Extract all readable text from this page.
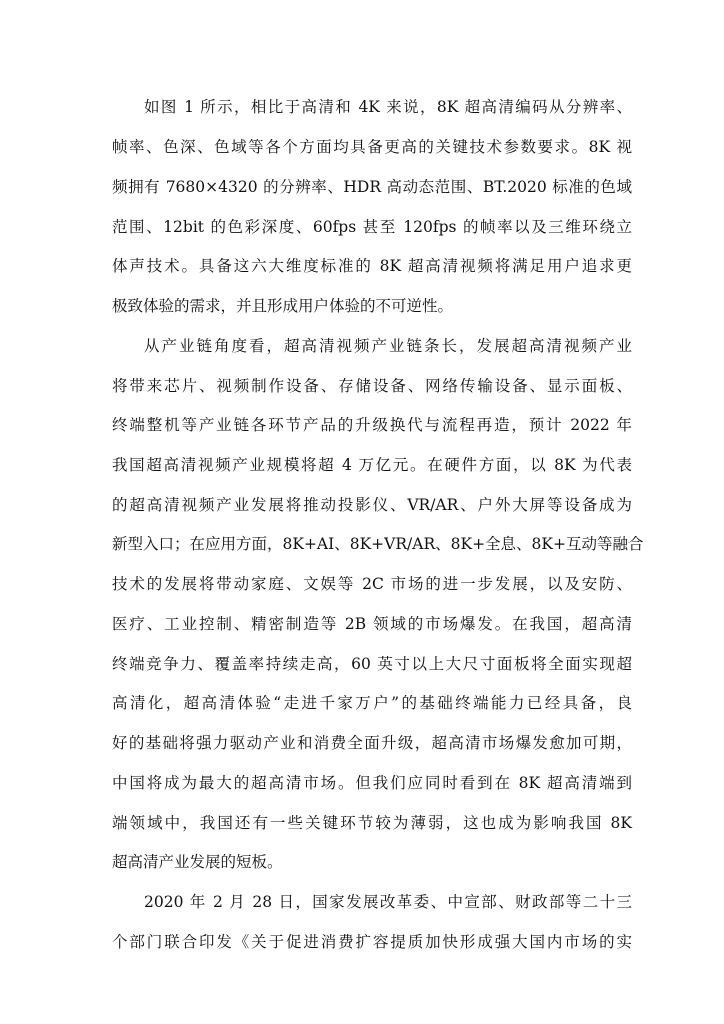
如图 1 所示，相比于高清和 4K 来说，8K 超高清编码从分辨率、
帧率、色深、色域等各个方面均具备更高的关键技术参数要求。8K 视
频拥有 7680×4320 的分辨率、HDR 高动态范围、BT.2020 标准的色域
范围、12bit 的色彩深度、60fps 甚至 120fps 的帧率以及三维环绕立
体声技术。具备这六大维度标准的 8K 超高清视频将满足用户追求更
极致体验的需求，并且形成用户体验的不可逆性。
从产业链角度看，超高清视频产业链条长，发展超高清视频产业
将带来芯片、视频制作设备、存储设备、网络传输设备、显示面板、
终端整机等产业链各环节产品的升级换代与流程再造，预计 2022 年
我国超高清视频产业规模将超 4 万亿元。在硬件方面，以 8K 为代表
的超高清视频产业发展将推动投影仪、VR/AR、户外大屏等设备成为
新型入口；在应用方面，8K+AI、8K+VR/AR、8K+全息、8K+互动等融合
技术的发展将带动家庭、文娱等 2C 市场的进一步发展，以及安防、
医疗、工业控制、精密制造等 2B 领域的市场爆发。在我国，超高清
终端竞争力、覆盖率持续走高，60 英寸以上大尺寸面板将全面实现超
高清化，超高清体验“走进千家万户”的基础终端能力已经具备，良
好的基础将强力驱动产业和消费全面升级，超高清市场爆发愈加可期，
中国将成为最大的超高清市场。但我们应同时看到在 8K 超高清端到
端领域中，我国还有一些关键环节较为薄弱，这也成为影响我国 8K
超高清产业发展的短板。
2020 年 2 月 28 日，国家发展改革委、中宣部、财政部等二十三
个部门联合印发《关于促进消费扩容提质加快形成强大国内市场的实
